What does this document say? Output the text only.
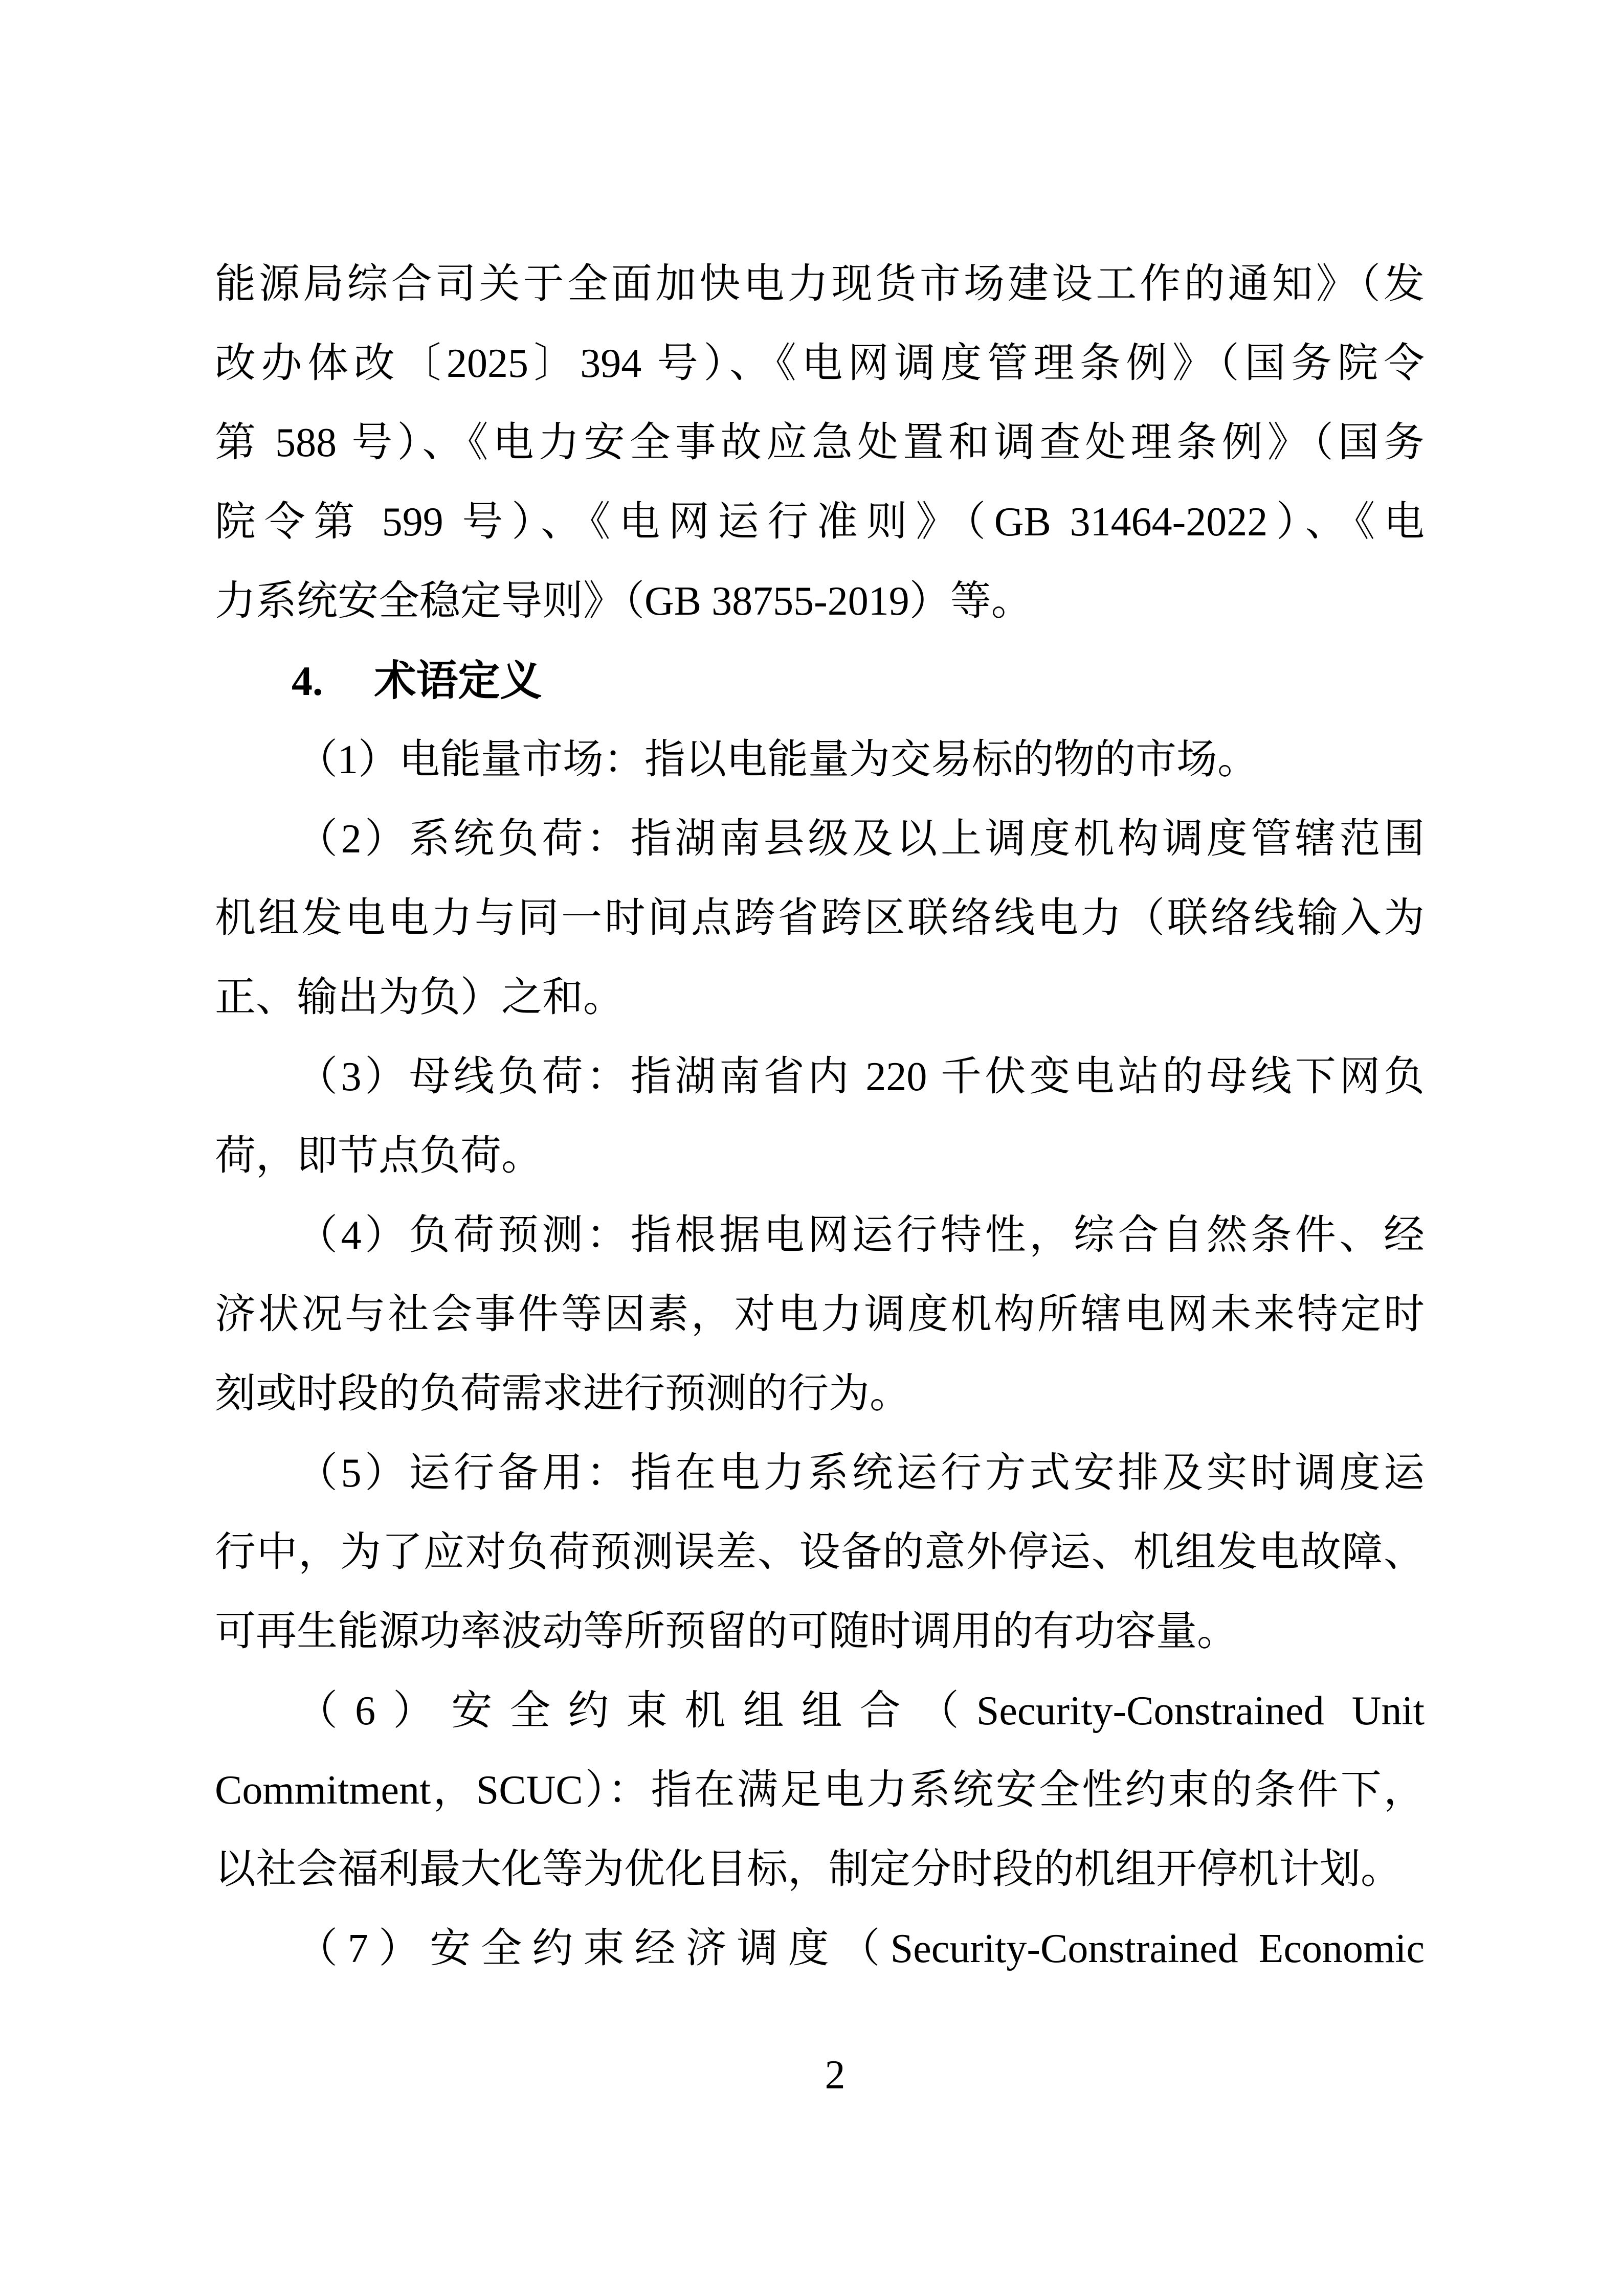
能源局综合司关于全面加快电力现货市场建设工作的通知》（发
改办体改〔2025〕394 号）、《电网调度管理条例》（国务院令
第 588 号）、《电力安全事故应急处置和调查处理条例》（国务
院令第 599 号）、《电网运行准则》（GB 31464-2022）、《电
力系统安全稳定导则》（GB 38755-2019）等。
4. 术语定义
（1）电能量市场：指以电能量为交易标的物的市场。
（2）系统负荷：指湖南县级及以上调度机构调度管辖范围
机组发电电力与同一时间点跨省跨区联络线电力（联络线输入为
正、输出为负）之和。
（3）母线负荷：指湖南省内 220 千伏变电站的母线下网负
荷，即节点负荷。
（4）负荷预测：指根据电网运行特性，综合自然条件、经
济状况与社会事件等因素，对电力调度机构所辖电网未来特定时
刻或时段的负荷需求进行预测的行为。
（5）运行备用：指在电力系统运行方式安排及实时调度运
行中，为了应对负荷预测误差、设备的意外停运、机组发电故障、
可再生能源功率波动等所预留的可随时调用的有功容量。
（6）安全约束机组组合（Security-Constrained Unit
Commitment，SCUC）：指在满足电力系统安全性约束的条件下，
以社会福利最大化等为优化目标，制定分时段的机组开停机计划。
（7）安全约束经济调度（Security-Constrained Economic
2
